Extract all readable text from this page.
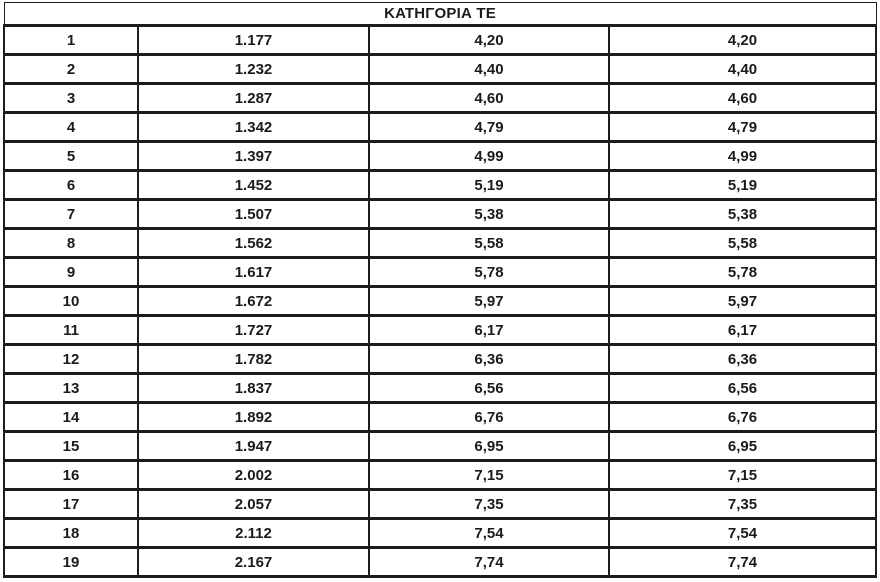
ΚΑΤΗΓΟΡΙΑ ΤΕ			
1	1.177	4,20	4,20
2	1.232	4,40	4,40
3	1.287	4,60	4,60
4	1.342	4,79	4,79
5	1.397	4,99	4,99
6	1.452	5,19	5,19
7	1.507	5,38	5,38
8	1.562	5,58	5,58
9	1.617	5,78	5,78
10	1.672	5,97	5,97
11	1.727	6,17	6,17
12	1.782	6,36	6,36
13	1.837	6,56	6,56
14	1.892	6,76	6,76
15	1.947	6,95	6,95
16	2.002	7,15	7,15
17	2.057	7,35	7,35
18	2.112	7,54	7,54
19	2.167	7,74	7,74
